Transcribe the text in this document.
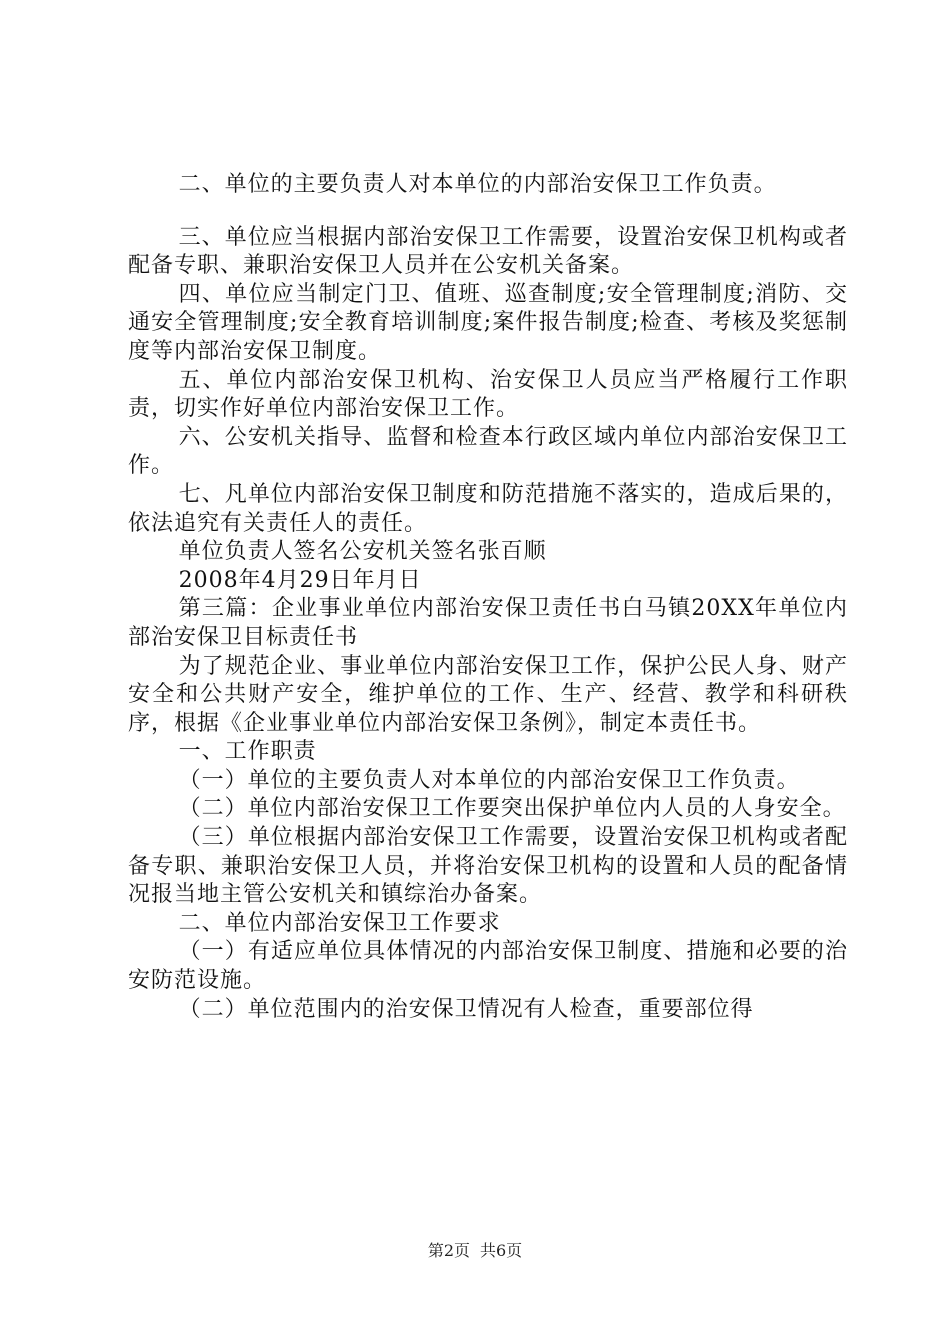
二、单位的主要负责人对本单位的内部治安保卫工作负责。

三、单位应当根据内部治安保卫工作需要，设置治安保卫机构或者配备专职、兼职治安保卫人员并在公安机关备案。

四、单位应当制定门卫、值班、巡查制度;安全管理制度;消防、交通安全管理制度;安全教育培训制度;案件报告制度;检查、考核及奖惩制度等内部治安保卫制度。

五、单位内部治安保卫机构、治安保卫人员应当严格履行工作职责，切实作好单位内部治安保卫工作。

六、公安机关指导、监督和检查本行政区域内单位内部治安保卫工作。

七、凡单位内部治安保卫制度和防范措施不落实的，造成后果的，依法追究有关责任人的责任。

单位负责人签名公安机关签名张百顺

2008年4月29日年月日

第三篇：企业事业单位内部治安保卫责任书白马镇20XX年单位内部治安保卫目标责任书

为了规范企业、事业单位内部治安保卫工作，保护公民人身、财产安全和公共财产安全，维护单位的工作、生产、经营、教学和科研秩序，根据《企业事业单位内部治安保卫条例》，制定本责任书。

一、工作职责

（一）单位的主要负责人对本单位的内部治安保卫工作负责。

（二）单位内部治安保卫工作要突出保护单位内人员的人身安全。

（三）单位根据内部治安保卫工作需要，设置治安保卫机构或者配备专职、兼职治安保卫人员，并将治安保卫机构的设置和人员的配备情况报当地主管公安机关和镇综治办备案。

二、单位内部治安保卫工作要求

（一）有适应单位具体情况的内部治安保卫制度、措施和必要的治安防范设施。

（二）单位范围内的治安保卫情况有人检查，重要部位得

第2页 共6页
